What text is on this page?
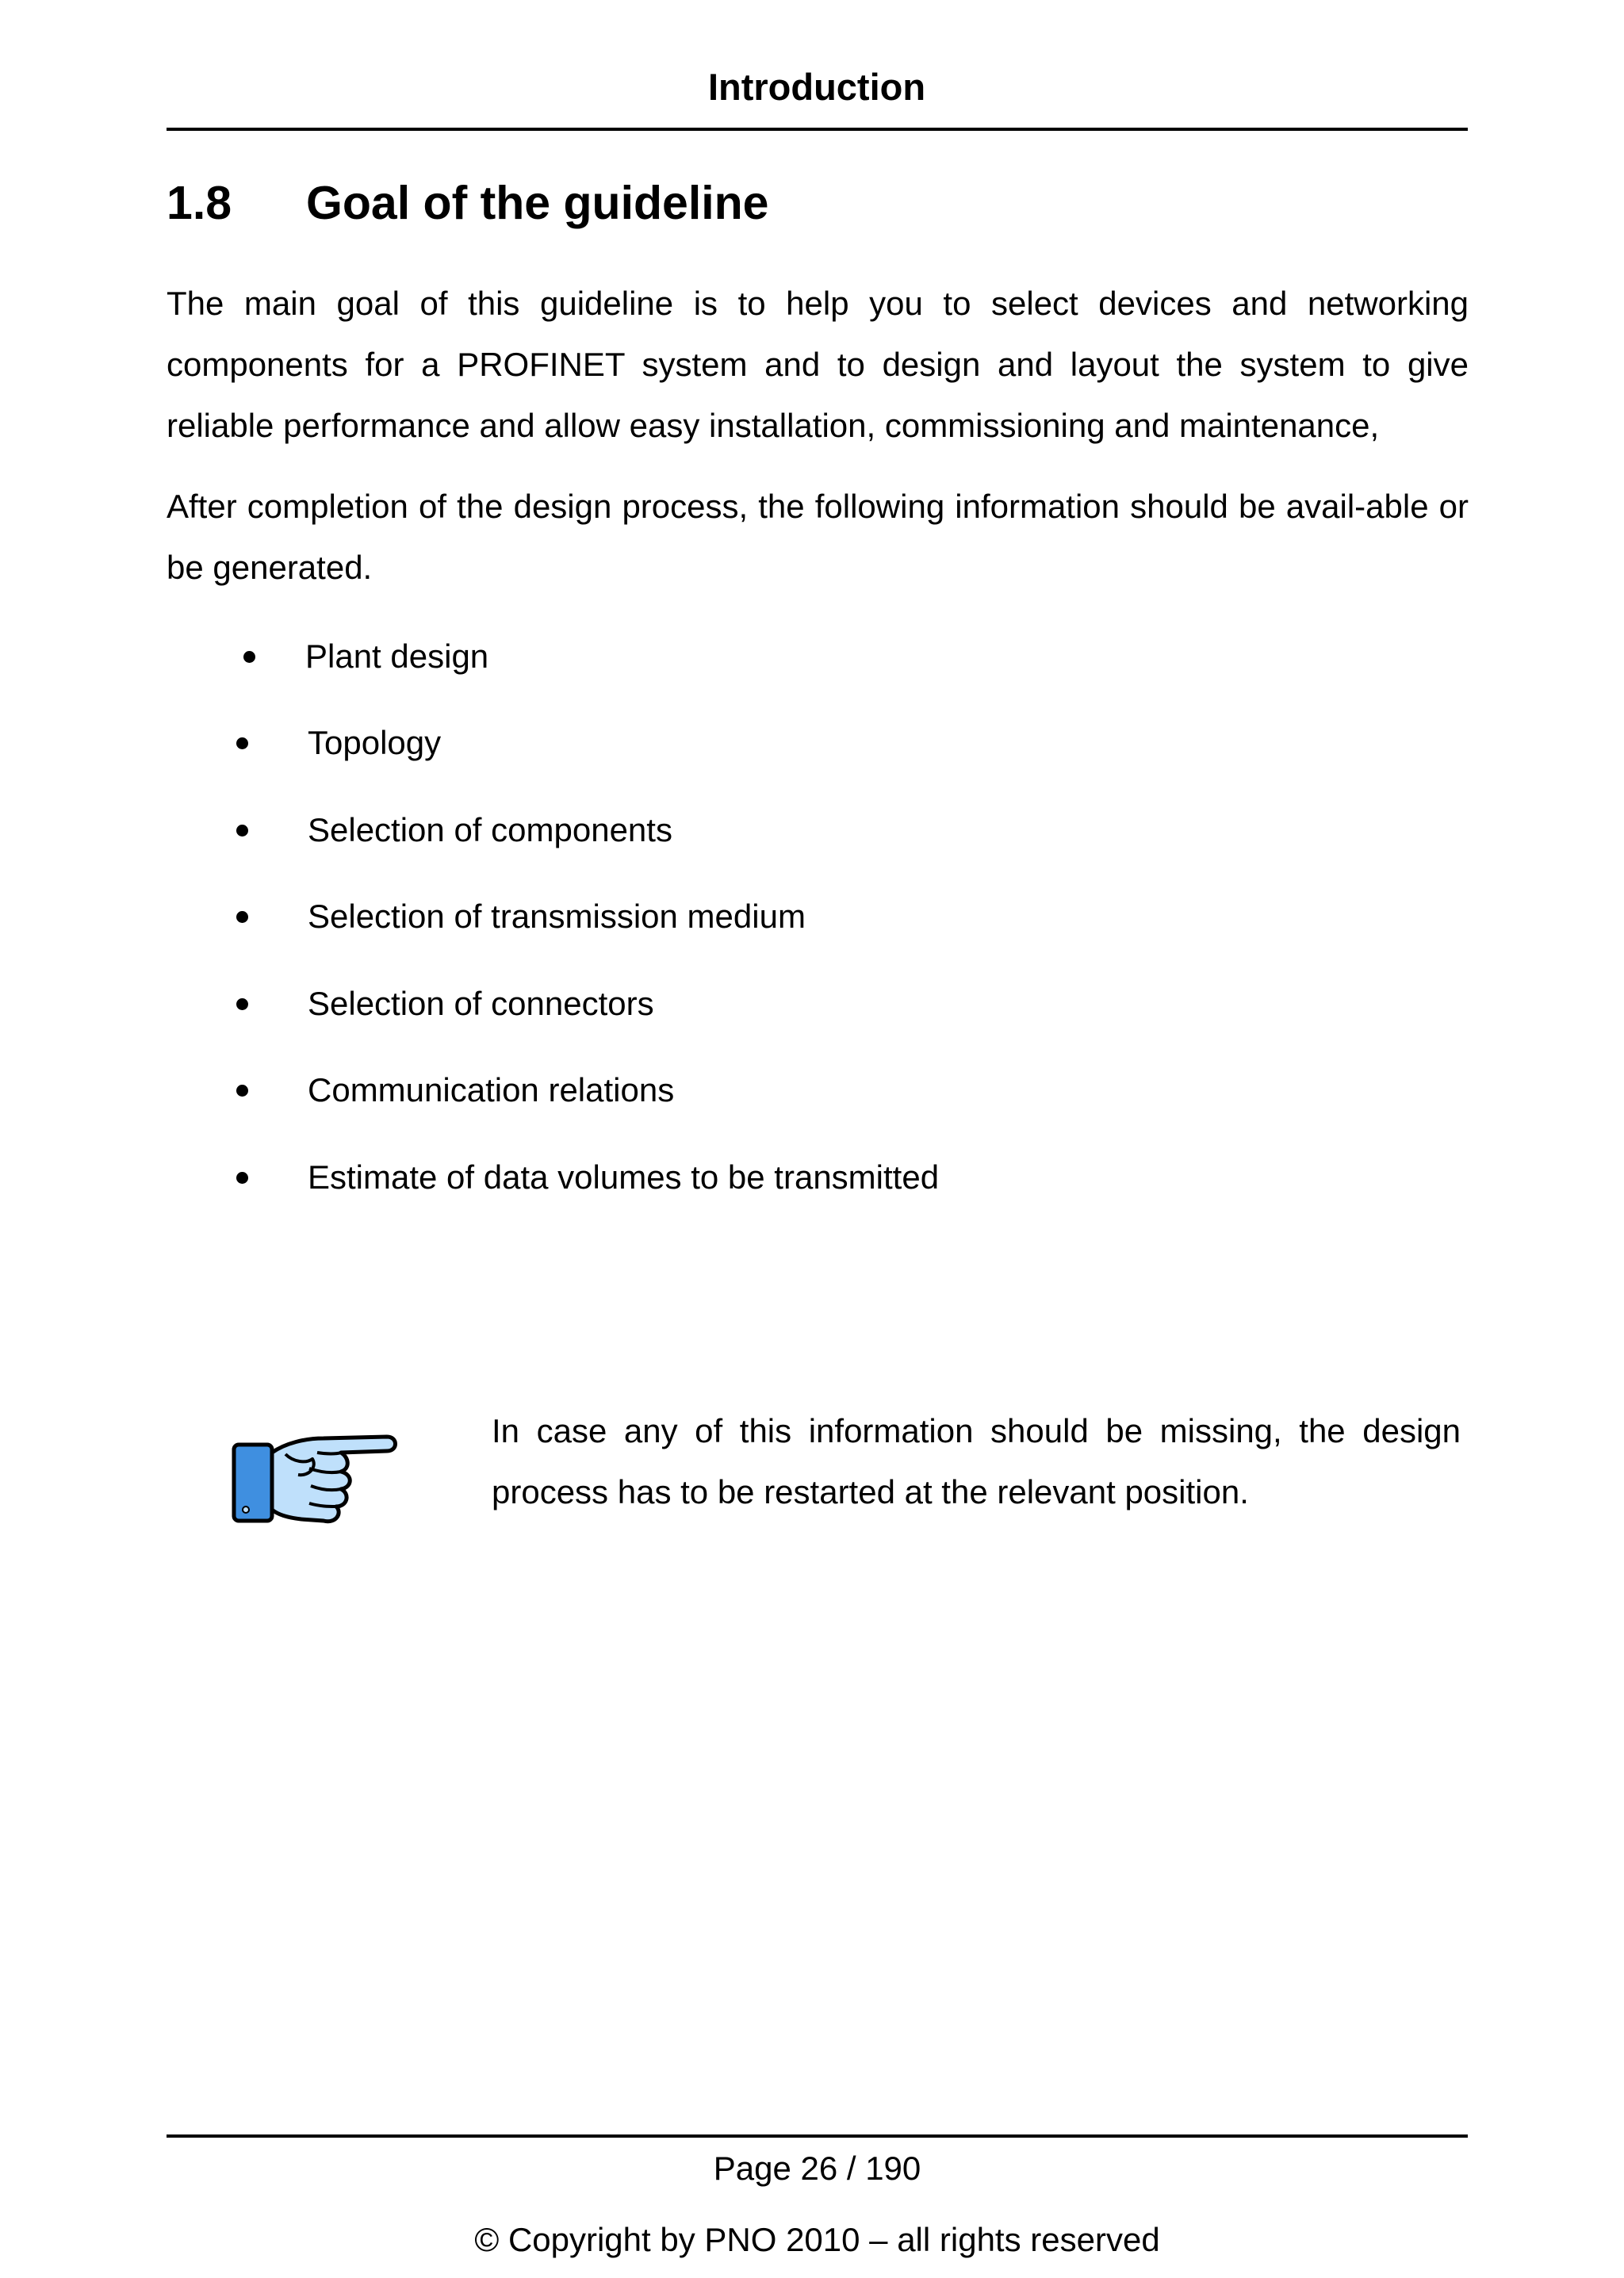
Introduction
1.8 Goal of the guideline
The main goal of this guideline is to help you to select devices and networking components for a PROFINET system and to design and layout the system to give reliable performance and allow easy installation, commissioning and maintenance,
After completion of the design process, the following information should be avail-able or be generated.
Plant design
Topology
Selection of components
Selection of transmission medium
Selection of connectors
Communication relations
Estimate of data volumes to be transmitted
In case any of this information should be missing, the design process has to be restarted at the relevant position.
Page 26 / 190
© Copyright by PNO 2010 – all rights reserved
